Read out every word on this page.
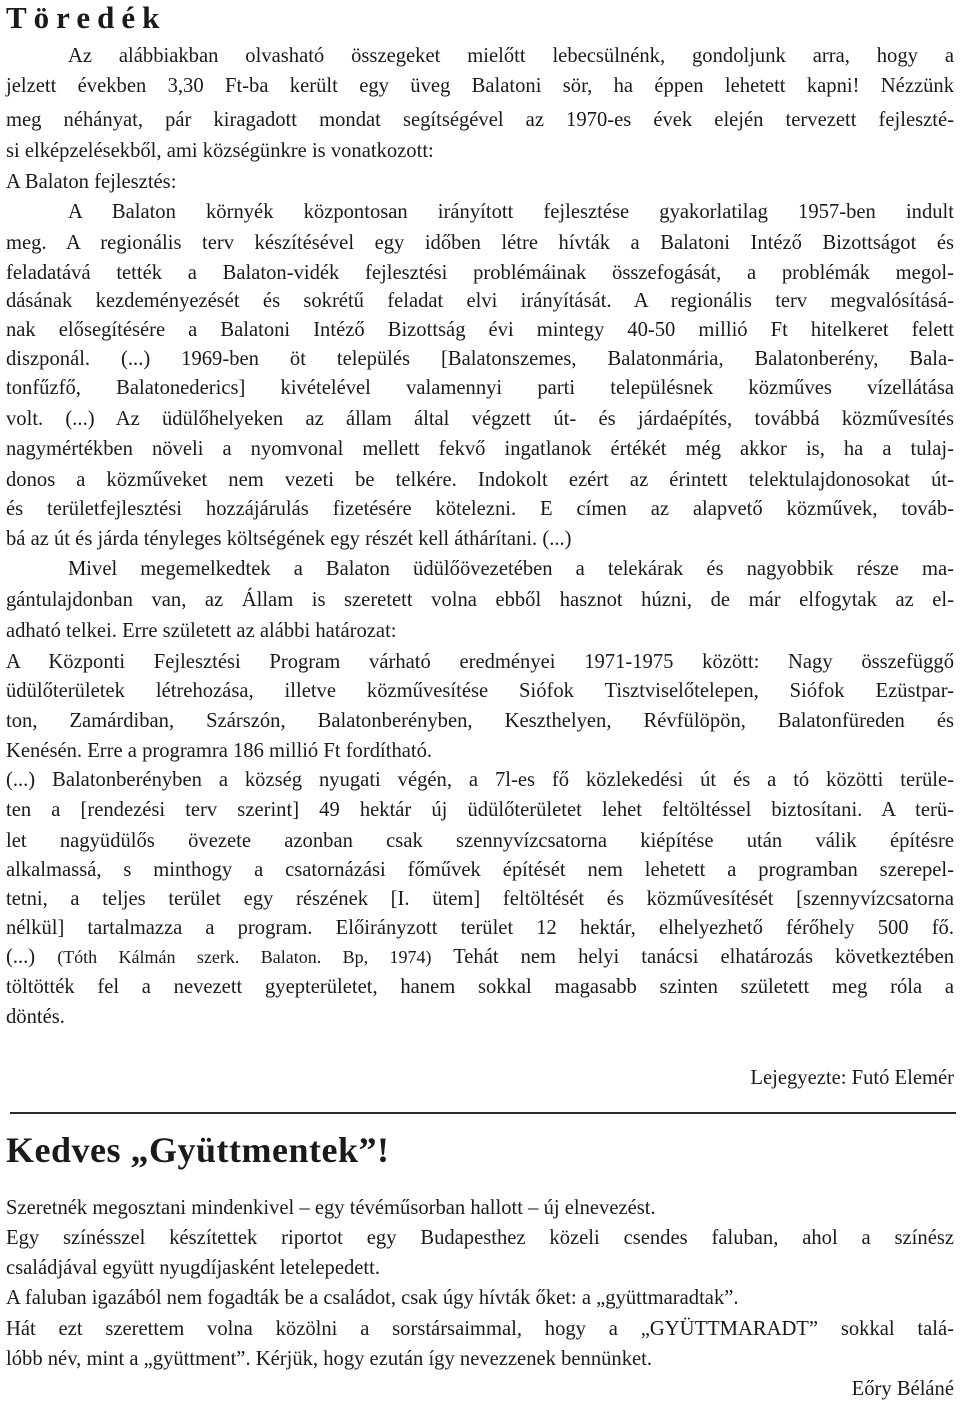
Töredék
Az alábbiakban olvasható összegeket mielőtt lebecsülnénk, gondoljunk arra, hogy a
jelzett években 3,30 Ft-ba került egy üveg Balatoni sör, ha éppen lehetett kapni! Nézzünk
meg néhányat, pár kiragadott mondat segítségével az 1970-es évek elején tervezett fejleszté-
si elképzelésekből, ami községünkre is vonatkozott:
A Balaton fejlesztés:
A Balaton környék központosan irányított fejlesztése gyakorlatilag 1957-ben indult
meg. A regionális terv készítésével egy időben létre hívták a Balatoni Intéző Bizottságot és
feladatává tették a Balaton-vidék fejlesztési problémáinak összefogását, a problémák megol-
dásának kezdeményezését és sokrétű feladat elvi irányítását. A regionális terv megvalósításá-
nak elősegítésére a Balatoni Intéző Bizottság évi mintegy 40-50 millió Ft hitelkeret felett
diszponál. (...) 1969-ben öt település [Balatonszemes, Balatonmária, Balatonberény, Bala-
tonfűzfő, Balatonederics] kivételével valamennyi parti településnek közműves vízellátása
volt. (...) Az üdülőhelyeken az állam által végzett út- és járdaépítés, továbbá közművesítés
nagymértékben növeli a nyomvonal mellett fekvő ingatlanok értékét még akkor is, ha a tulaj-
donos a közműveket nem vezeti be telkére. Indokolt ezért az érintett telektulajdonosokat út-
és területfejlesztési hozzájárulás fizetésére kötelezni. E címen az alapvető közművek, továb-
bá az út és járda tényleges költségének egy részét kell áthárítani. (...)
Mivel megemelkedtek a Balaton üdülőövezetében a telekárak és nagyobbik része ma-
gántulajdonban van, az Állam is szeretett volna ebből hasznot húzni, de már elfogytak az el-
adható telkei. Erre született az alábbi határozat:
A Központi Fejlesztési Program várható eredményei 1971-1975 között: Nagy összefüggő
üdülőterületek létrehozása, illetve közművesítése Siófok Tisztviselőtelepen, Siófok Ezüstpar-
ton, Zamárdiban, Szárszón, Balatonberényben, Keszthelyen, Révfülöpön, Balatonfüreden és
Kenésén. Erre a programra 186 millió Ft fordítható.
(...) Balatonberényben a község nyugati végén, a 7l-es fő közlekedési út és a tó közötti terüle-
ten a [rendezési terv szerint] 49 hektár új üdülőterületet lehet feltöltéssel biztosítani. A terü-
let nagyüdülős övezete azonban csak szennyvízcsatorna kiépítése után válik építésre
alkalmassá, s minthogy a csatornázási főművek építését nem lehetett a programban szerepel-
tetni, a teljes terület egy részének [I. ütem] feltöltését és közművesítését [szennyvízcsatorna
nélkül] tartalmazza a program. Előirányzott terület 12 hektár, elhelyezhető férőhely 500 fő.
(...) (Tóth Kálmán szerk. Balaton. Bp, 1974) Tehát nem helyi tanácsi elhatározás következtében
töltötték fel a nevezett gyepterületet, hanem sokkal magasabb szinten született meg róla a
döntés.
Lejegyezte: Futó Elemér
Kedves „Gyüttmentek”!
Szeretnék megosztani mindenkivel – egy tévéműsorban hallott – új elnevezést.
Egy színésszel készítettek riportot egy Budapesthez közeli csendes faluban, ahol a színész
családjával együtt nyugdíjasként letelepedett.
A faluban igazából nem fogadták be a családot, csak úgy hívták őket: a „gyüttmaradtak”.
Hát ezt szerettem volna közölni a sorstársaimmal, hogy a „GYÜTTMARADT” sokkal talá-
lóbb név, mint a „gyüttment”. Kérjük, hogy ezután így nevezzenek bennünket.
Eőry Béláné
